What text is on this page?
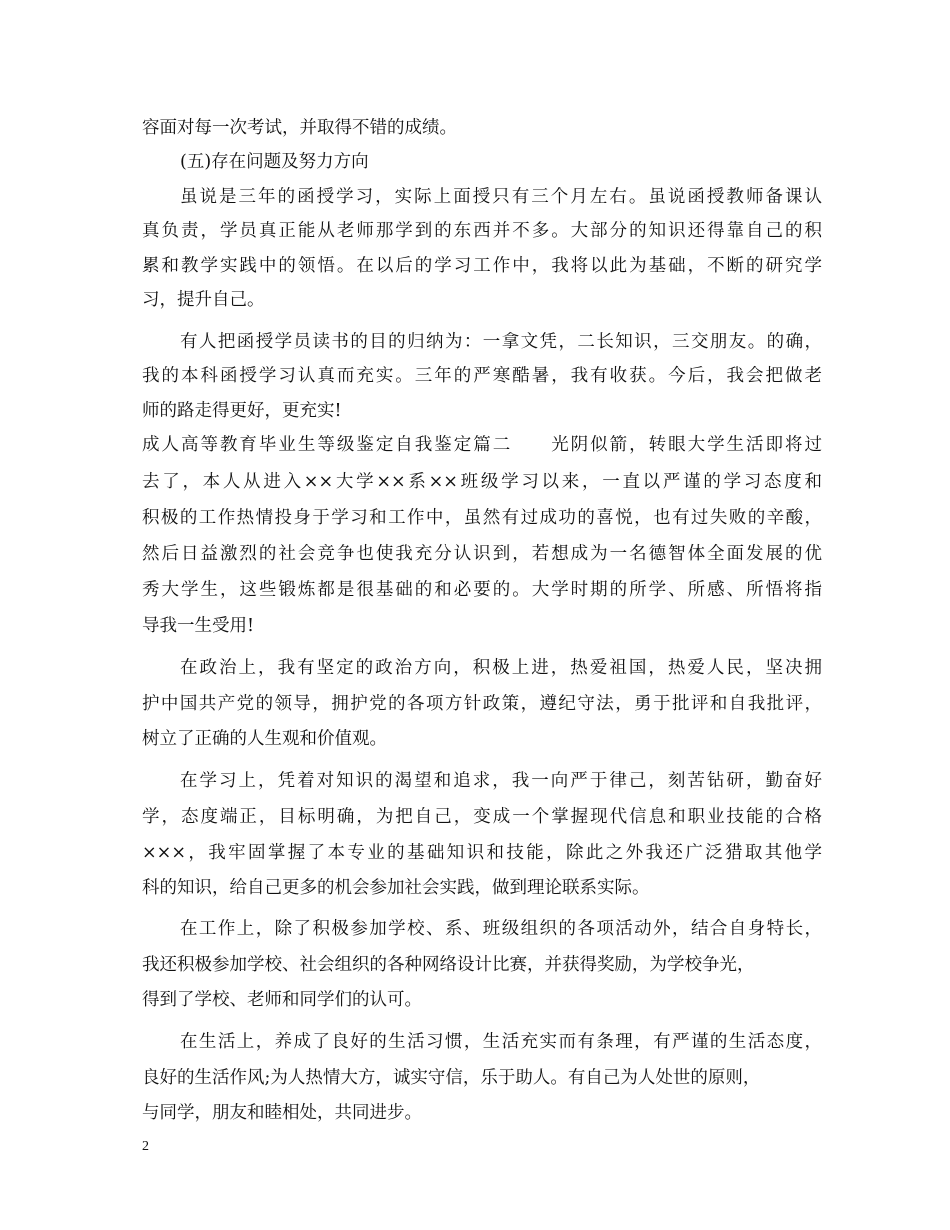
容面对每一次考试，并取得不错的成绩。
(五)存在问题及努力方向
虽说是三年的函授学习，实际上面授只有三个月左右。虽说函授教师备课认
真负责，学员真正能从老师那学到的东西并不多。大部分的知识还得靠自己的积
累和教学实践中的领悟。在以后的学习工作中，我将以此为基础，不断的研究学
习，提升自己。
有人把函授学员读书的目的归纳为：一拿文凭，二长知识，三交朋友。的确，
我的本科函授学习认真而充实。三年的严寒酷暑，我有收获。今后，我会把做老
师的路走得更好，更充实!
成人高等教育毕业生等级鉴定自我鉴定篇二　　光阴似箭，转眼大学生活即将过
去了，本人从进入××大学××系××班级学习以来，一直以严谨的学习态度和
积极的工作热情投身于学习和工作中，虽然有过成功的喜悦，也有过失败的辛酸，
然后日益激烈的社会竞争也使我充分认识到，若想成为一名德智体全面发展的优
秀大学生，这些锻炼都是很基础的和必要的。大学时期的所学、所感、所悟将指
导我一生受用!
在政治上，我有坚定的政治方向，积极上进，热爱祖国，热爱人民，坚决拥
护中国共产党的领导，拥护党的各项方针政策，遵纪守法，勇于批评和自我批评，
树立了正确的人生观和价值观。
在学习上，凭着对知识的渴望和追求，我一向严于律己，刻苦钻研，勤奋好
学，态度端正，目标明确，为把自己，变成一个掌握现代信息和职业技能的合格
×××，我牢固掌握了本专业的基础知识和技能，除此之外我还广泛猎取其他学
科的知识，给自己更多的机会参加社会实践，做到理论联系实际。
在工作上，除了积极参加学校、系、班级组织的各项活动外，结合自身特长，
我还积极参加学校、社会组织的各种网络设计比赛，并获得奖励，为学校争光，
得到了学校、老师和同学们的认可。
在生活上，养成了良好的生活习惯，生活充实而有条理，有严谨的生活态度，
良好的生活作风;为人热情大方，诚实守信，乐于助人。有自己为人处世的原则，
与同学，朋友和睦相处，共同进步。
2
